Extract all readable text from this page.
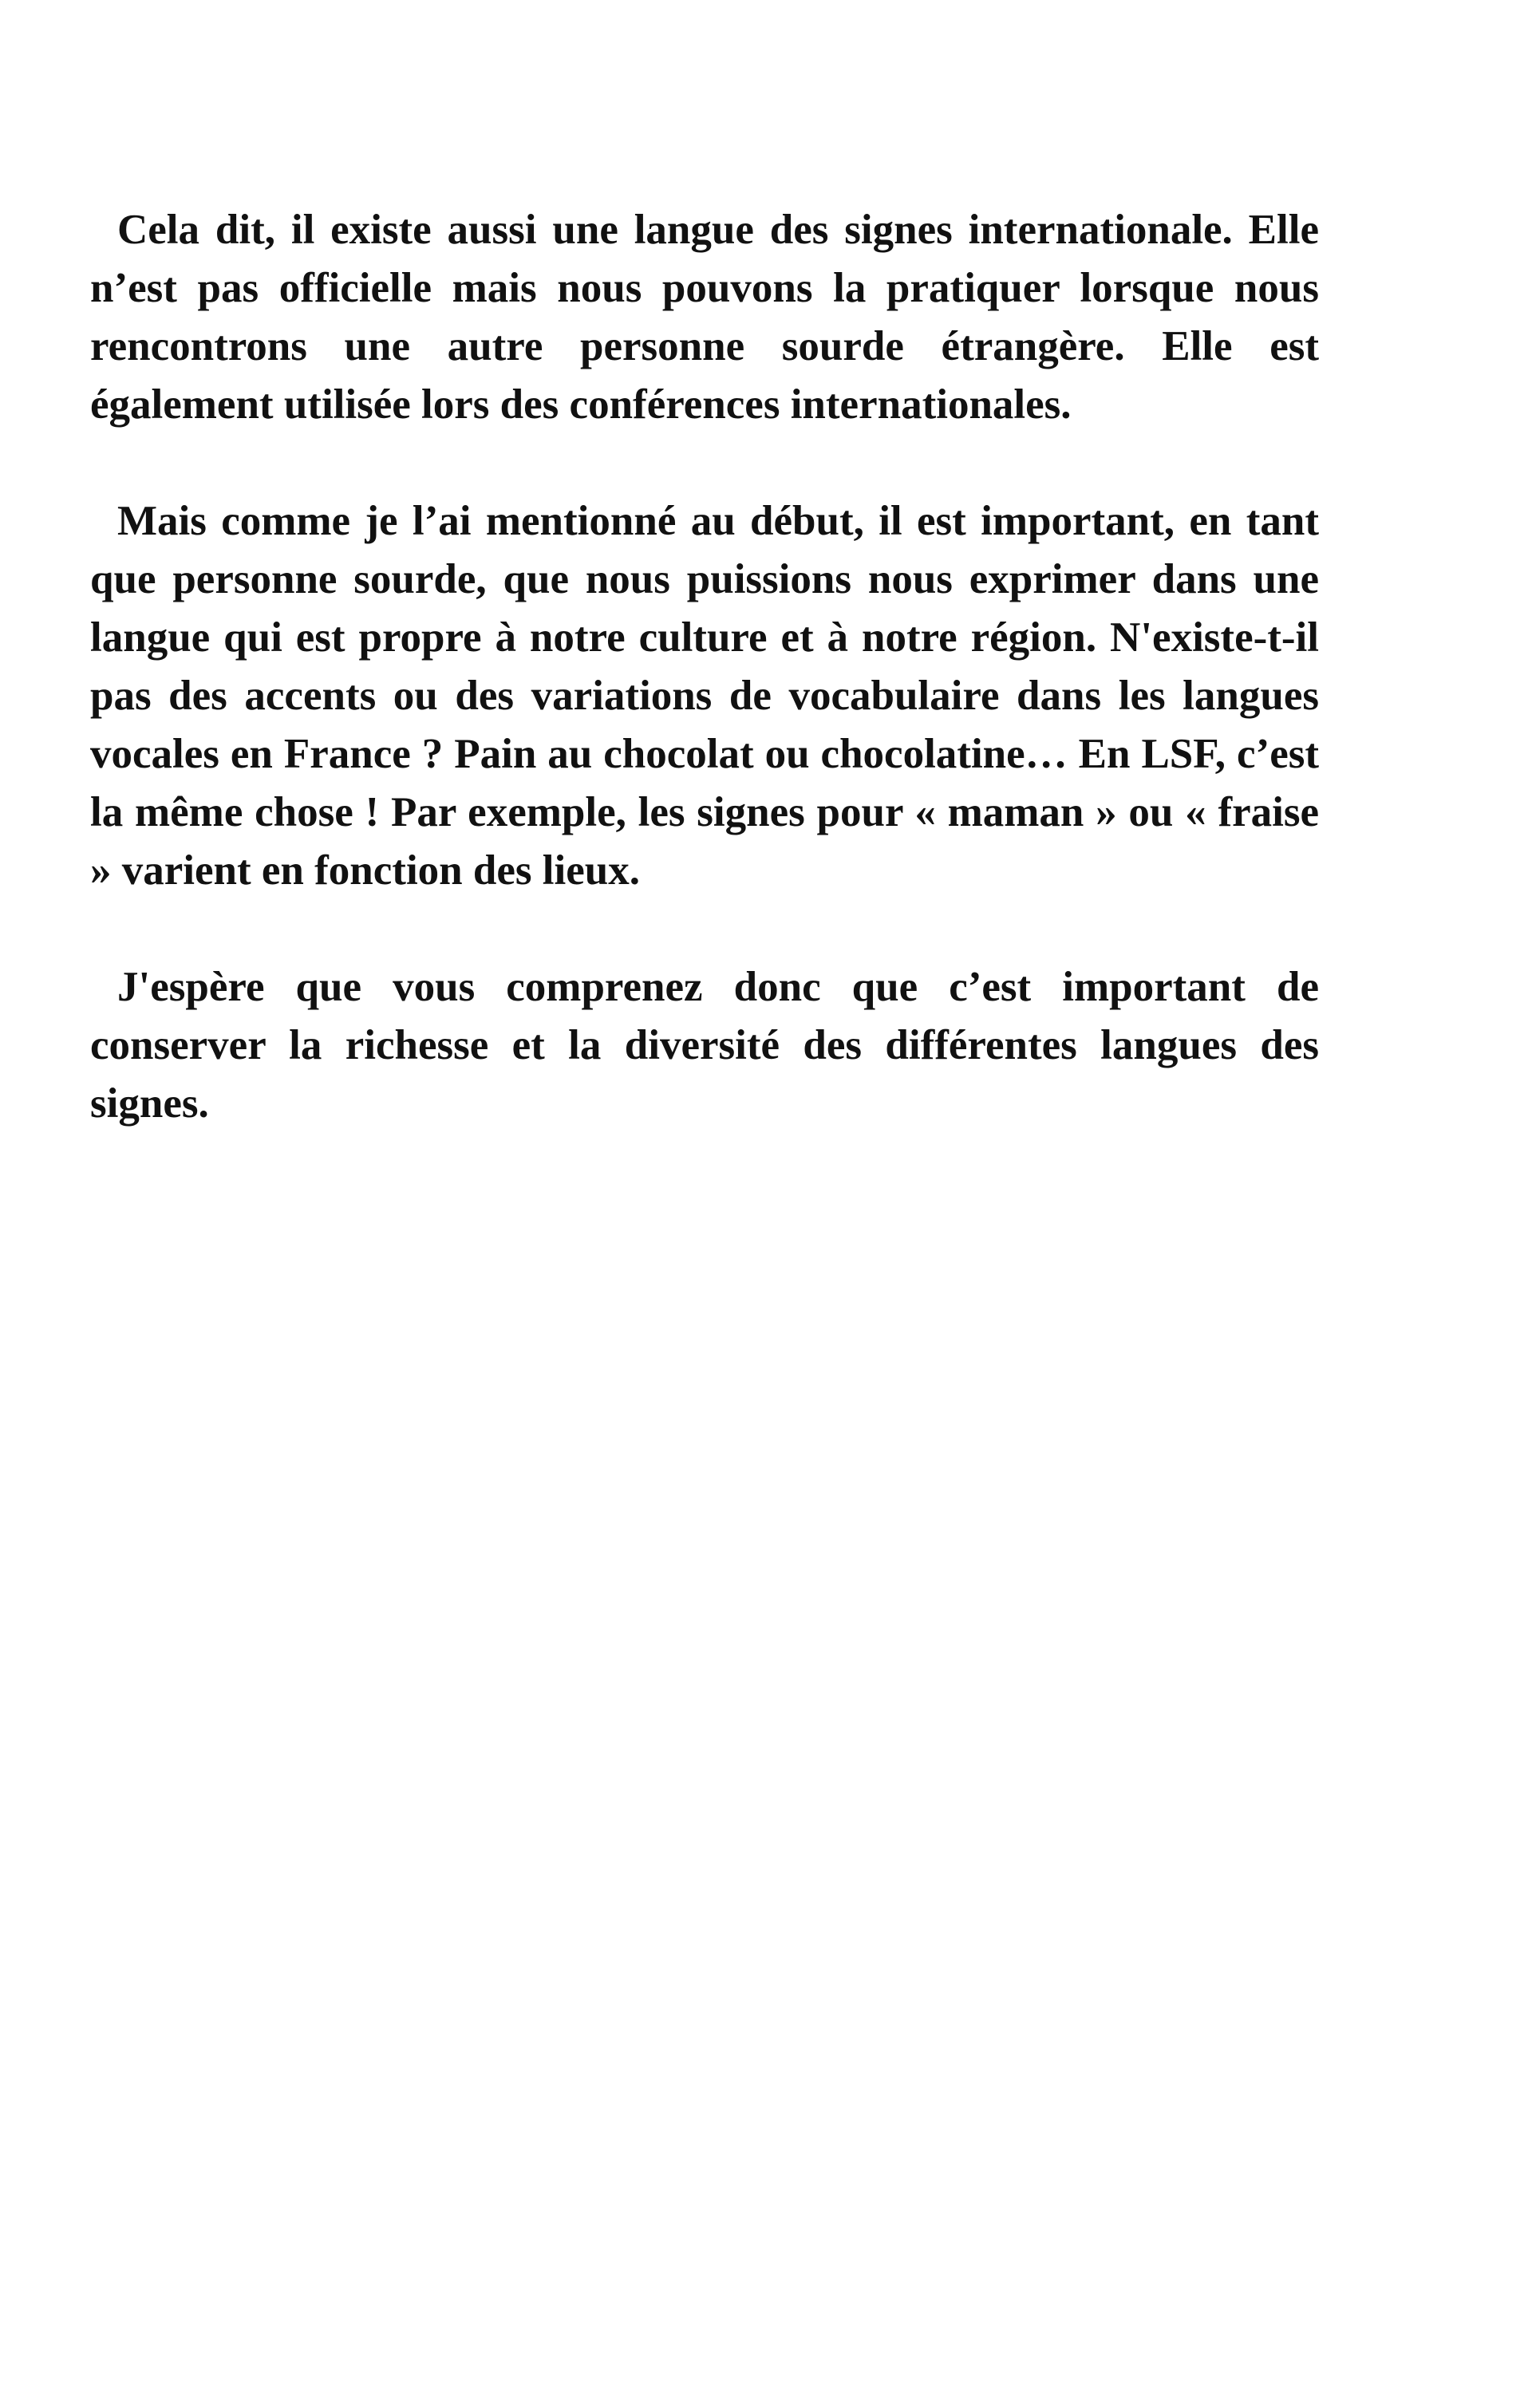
Cela dit, il existe aussi une langue des signes internationale. Elle n’est pas officielle mais nous pouvons la pratiquer lorsque nous rencontrons une autre personne sourde étrangère. Elle est également utilisée lors des conférences internationales.

Mais comme je l’ai mentionné au début, il est important, en tant que personne sourde, que nous puissions nous exprimer dans une langue qui est propre à notre culture et à notre région. N'existe-t-il pas des accents ou des variations de vocabulaire dans les langues vocales en France ? Pain au chocolat ou chocolatine… En LSF, c’est la même chose ! Par exemple, les signes pour « maman » ou « fraise » varient en fonction des lieux.

J'espère que vous comprenez donc que c’est important de conserver la richesse et la diversité des différentes langues des signes.
